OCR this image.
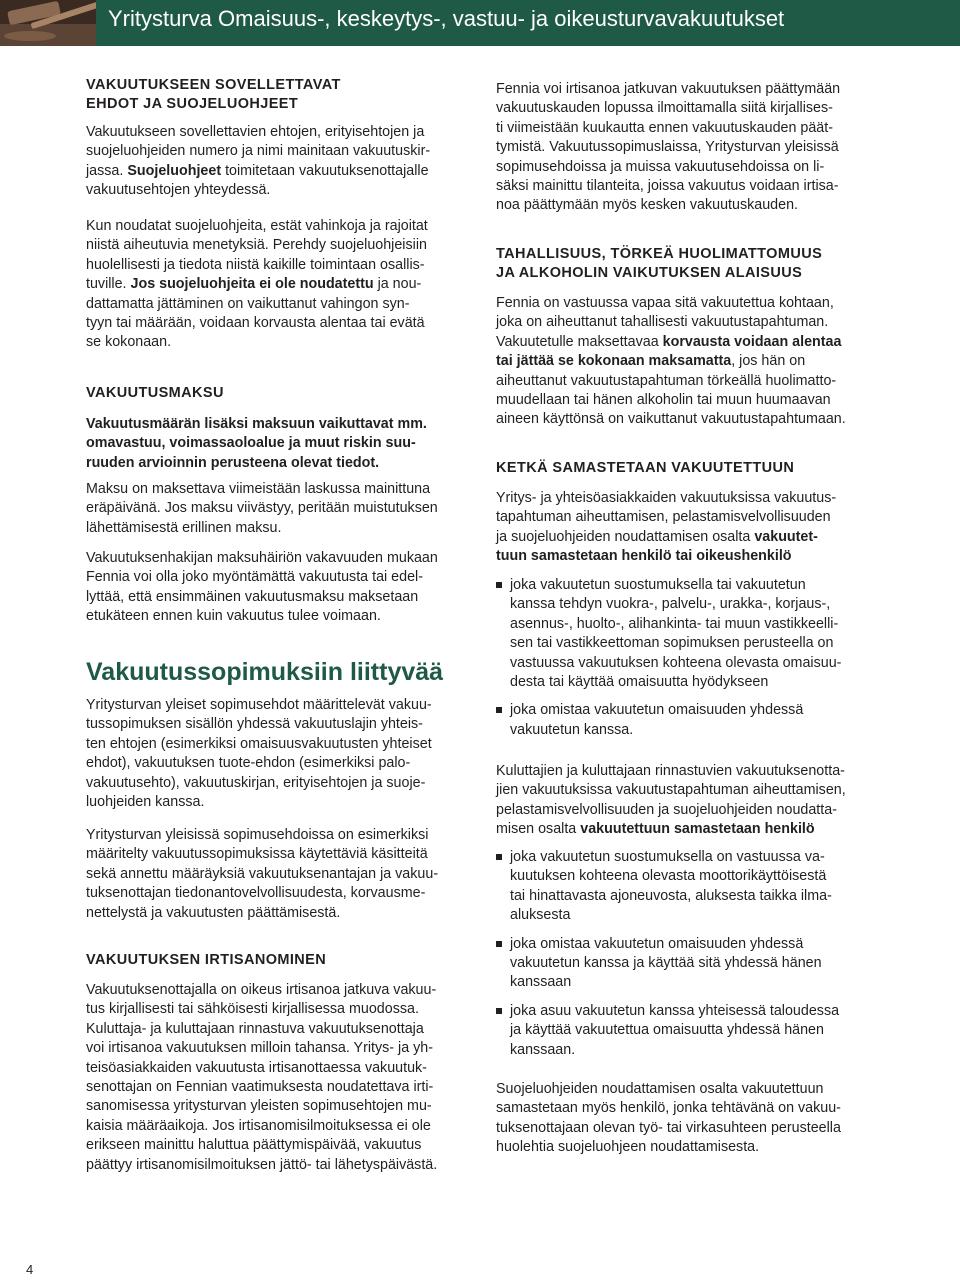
Yritysturva Omaisuus-, keskeytys-, vastuu- ja oikeusturvavakuutukset
VAKUUTUKSEEN SOVELLETTAVAT
EHDOT JA SUOJELUOHJEET
Vakuutukseen sovellettavien ehtojen, erityisehtojen ja
suojeluohjeiden numero ja nimi mainitaan vakuutuskir-
jassa. Suojeluohjeet toimitetaan vakuutuksenottajalle
vakuutusehtojen yhteydessä.
Kun noudatat suojeluohjeita, estät vahinkoja ja rajoitat
niistä aiheutuvia menetyksiä. Perehdy suojeluohjeisiin
huolellisesti ja tiedota niistä kaikille toimintaan osallis-
tuville. Jos suojeluohjeita ei ole noudatettu ja nou-
dattamatta jättäminen on vaikuttanut vahingon syn-
tyyn tai määrään, voidaan korvausta alentaa tai evätä
se kokonaan.
VAKUUTUSMAKSU
Vakuutusmäärän lisäksi maksuun vaikuttavat mm.
omavastuu, voimassaoloalue ja muut riskin suu-
ruuden arvioinnin perusteena olevat tiedot.
Maksu on maksettava viimeistään laskussa mainittuna
eräpäivänä. Jos maksu viivästyy, peritään muistutuksen
lähettämisestä erillinen maksu.
Vakuutuksenhakijan maksuhäiriön vakavuuden mukaan
Fennia voi olla joko myöntämättä vakuutusta tai edel-
lyttää, että ensimmäinen vakuutusmaksu maksetaan
etukäteen ennen kuin vakuutus tulee voimaan.
Vakuutussopimuksiin liittyvää
Yritysturvan yleiset sopimusehdot määrittelevät vakuu-
tussopimuksen sisällön yhdessä vakuutuslajin yhteis-
ten ehtojen (esimerkiksi omaisuusvakuutusten yhteiset
ehdot), vakuutuksen tuote-ehdon (esimerkiksi palo-
vakuutusehto), vakuutuskirjan, erityisehtojen ja suoje-
luohjeiden kanssa.
Yritysturvan yleisissä sopimusehdoissa on esimerkiksi
määritelty vakuutussopimuksissa käytettäviä käsitteitä
sekä annettu määräyksiä vakuutuksenantajan ja vakuu-
tuksenottajan tiedonantovelvollisuudesta, korvausme-
nettelystä ja vakuutusten päättämisestä.
VAKUUTUKSEN IRTISANOMINEN
Vakuutuksenottajalla on oikeus irtisanoa jatkuva vakuu-
tus kirjallisesti tai sähköisesti kirjallisessa muodossa.
Kuluttaja- ja kuluttajaan rinnastuva vakuutuksenottaja
voi irtisanoa vakuutuksen milloin tahansa. Yritys- ja yh-
teisöasiakkaiden vakuutusta irtisanottaessa vakuutuk-
senottajan on Fennian vaatimuksesta noudatettava irti-
sanomisessa yritysturvan yleisten sopimusehtojen mu-
kaisia määräaikoja. Jos irtisanomisilmoituksessa ei ole
erikseen mainittu haluttua päättymispäivää, vakuutus
päättyy irtisanomisilmoituksen jättö- tai lähetyspäivästä.
Fennia voi irtisanoa jatkuvan vakuutuksen päättymään
vakuutuskauden lopussa ilmoittamalla siitä kirjallises-
ti viimeistään kuukautta ennen vakuutuskauden päät-
tymistä. Vakuutussopimuslaissa, Yritysturvan yleisissä
sopimusehdoissa ja muissa vakuutusehdoissa on li-
säksi mainittu tilanteita, joissa vakuutus voidaan irtisa-
noa päättymään myös kesken vakuutuskauden.
TAHALLISUUS, TÖRKEÄ HUOLIMATTOMUUS
JA ALKOHOLIN VAIKUTUKSEN ALAISUUS
Fennia on vastuussa vapaa sitä vakuutettua kohtaan,
joka on aiheuttanut tahallisesti vakuutustapahtuman.
Vakuutetulle maksettavaa korvausta voidaan alentaa
tai jättää se kokonaan maksamatta, jos hän on
aiheuttanut vakuutustapahtuman törkeällä huolimatto-
muudellaan tai hänen alkoholin tai muun huumaavan
aineen käyttönsä on vaikuttanut vakuutustapahtumaan.
KETKÄ SAMASTETAAN VAKUUTETTUUN
Yritys- ja yhteisöasiakkaiden vakuutuksissa vakuutus-
tapahtuman aiheuttamisen, pelastamisvelvollisuuden
ja suojeluohjeiden noudattamisen osalta vakuutet-
tuun samastetaan henkilö tai oikeushenkilö
joka vakuutetun suostumuksella tai vakuutetun
kanssa tehdyn vuokra-, palvelu-, urakka-, korjaus-,
asennus-, huolto-, alihankinta- tai muun vastikkeelli-
sen tai vastikkeettoman sopimuksen perusteella on
vastuussa vakuutuksen kohteena olevasta omaisuu-
desta tai käyttää omaisuutta hyödykseen
joka omistaa vakuutetun omaisuuden yhdessä
vakuutetun kanssa.
Kuluttajien ja kuluttajaan rinnastuvien vakuutuksenotta-
jien vakuutuksissa vakuutustapahtuman aiheuttamisen,
pelastamisvelvollisuuden ja suojeluohjeiden noudatta-
misen osalta vakuutettuun samastetaan henkilö
joka vakuutetun suostumuksella on vastuussa va-
kuutuksen kohteena olevasta moottorikäyttöisestä
tai hinattavasta ajoneuvosta, aluksesta taikka ilma-
aluksesta
joka omistaa vakuutetun omaisuuden yhdessä
vakuutetun kanssa ja käyttää sitä yhdessä hänen
kanssaan
joka asuu vakuutetun kanssa yhteisessä taloudessa
ja käyttää vakuutettua omaisuutta yhdessä hänen
kanssaan.
Suojeluohjeiden noudattamisen osalta vakuutettuun
samastetaan myös henkilö, jonka tehtävänä on vakuu-
tuksenottajaan olevan työ- tai virkasuhteen perusteella
huolehtia suojeluohjeen noudattamisesta.
4
